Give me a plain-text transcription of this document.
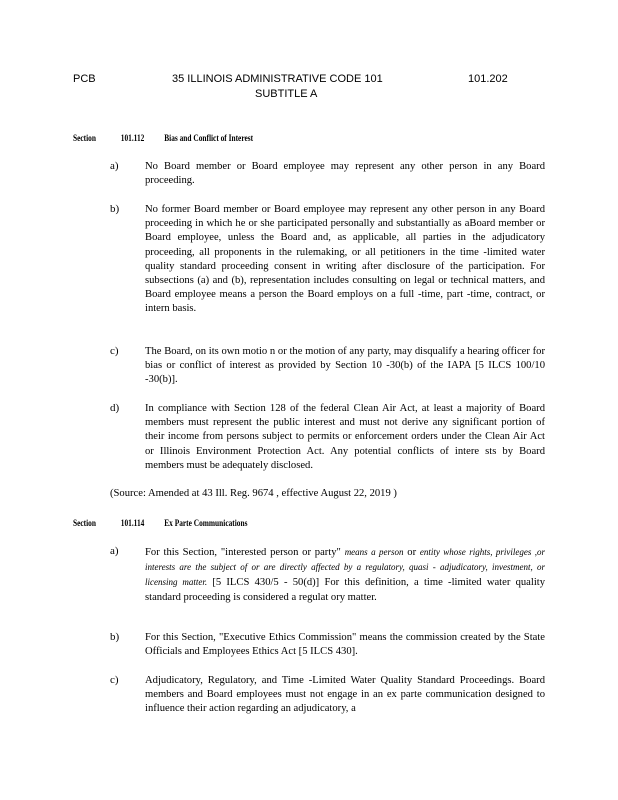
PCB	35 ILLINOIS ADMINISTRATIVE CODE 101
SUBTITLE A
101.202
Section	101.112 Bias and Conflict of Interest
a) No Board member or Board employee may represent any other person in any Board proceeding.

b) No former Board member or Board employee may represent any other person in any Board proceeding in which he or she participated personally and substantially as aBoard member or Board employee, unless the Board and, as applicable, all parties in the adjudicatory proceeding, all proponents in the rulemaking, or all petitioners in the time -limited water quality standard proceeding consent in writing after disclosure of the participation. For subsections (a) and (b), representation includes consulting on legal or technical matters, and Board employee means a person the Board employs on a full -time, part -time, contract, or intern basis.

c) The Board, on its own motio n or the motion of any party, may disqualify a hearing officer for bias or conflict of interest as provided by Section 10 -30(b) of the IAPA [5 ILCS 100/10 -30(b)].

d) In compliance with Section 128 of the federal Clean Air Act, at least a majority of Board members must represent the public interest and must not derive any significant portion of their income from persons subject to permits or enforcement orders under the Clean Air Act or Illinois Environment Protection Act. Any potential conflicts of intere sts by Board members must be adequately disclosed.

(Source: Amended at 43 Ill. Reg. 9674 , effective August 22, 2019 )
Section	101.114 Ex Parte Communications
a) For this Section, "interested person or party" means a person or entity whose rights, privileges ,or interests are the subject of or are directly affected by a regulatory, quasi - adjudicatory, investment, or licensing matter. [5 ILCS 430/5 - 50(d)] For this definition, a time -limited water quality standard proceeding is considered a regulat ory matter.

b) For this Section, "Executive Ethics Commission" means the commission created by the State Officials and Employees Ethics Act [5 ILCS 430].

c) Adjudicatory, Regulatory, and Time -Limited Water Quality Standard Proceedings. Board members and Board employees must not engage in an ex parte communication designed to influence their action regarding an adjudicatory, a
